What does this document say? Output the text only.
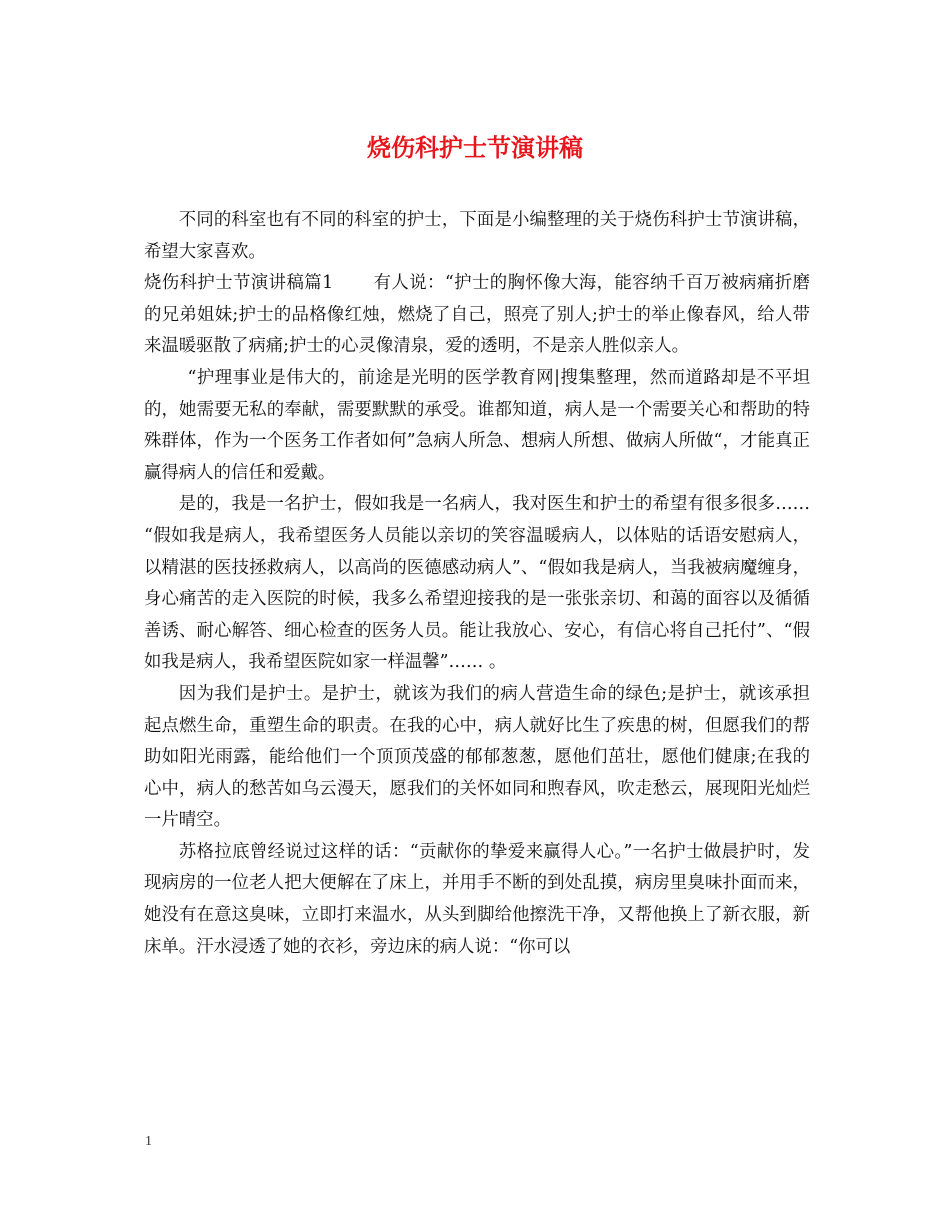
烧伤科护士节演讲稿

不同的科室也有不同的科室的护士，下面是小编整理的关于烧伤科护士节演讲稿，希望大家喜欢。

烧伤科护士节演讲稿篇1 有人说：“护士的胸怀像大海，能容纳千百万被病痛折磨的兄弟姐妹;护士的品格像红烛，燃烧了自己，照亮了别人;护士的举止像春风，给人带来温暖驱散了病痛;护士的心灵像清泉，爱的透明，不是亲人胜似亲人。

“护理事业是伟大的，前途是光明的医学教育网|搜集整理，然而道路却是不平坦的，她需要无私的奉献，需要默默的承受。谁都知道，病人是一个需要关心和帮助的特殊群体，作为一个医务工作者如何”急病人所急、想病人所想、做病人所做“，才能真正赢得病人的信任和爱戴。

是的，我是一名护士，假如我是一名病人，我对医生和护士的希望有很多很多…… “假如我是病人，我希望医务人员能以亲切的笑容温暖病人，以体贴的话语安慰病人，以精湛的医技拯救病人，以高尚的医德感动病人”、“假如我是病人，当我被病魔缠身，身心痛苦的走入医院的时候，我多么希望迎接我的是一张张亲切、和蔼的面容以及循循善诱、耐心解答、细心检查的医务人员。能让我放心、安心，有信心将自己托付”、“假如我是病人，我希望医院如家一样温馨”…… 。

因为我们是护士。是护士，就该为我们的病人营造生命的绿色;是护士，就该承担起点燃生命，重塑生命的职责。在我的心中，病人就好比生了疾患的树，但愿我们的帮助如阳光雨露，能给他们一个顶顶茂盛的郁郁葱葱，愿他们茁壮，愿他们健康;在我的心中，病人的愁苦如乌云漫天，愿我们的关怀如同和煦春风，吹走愁云，展现阳光灿烂一片晴空。

苏格拉底曾经说过这样的话：“贡献你的挚爱来赢得人心。”一名护士做晨护时，发现病房的一位老人把大便解在了床上，并用手不断的到处乱摸，病房里臭味扑面而来，她没有在意这臭味，立即打来温水，从头到脚给他擦洗干净，又帮他换上了新衣服，新床单。汗水浸透了她的衣衫，旁边床的病人说：“你可以

1
